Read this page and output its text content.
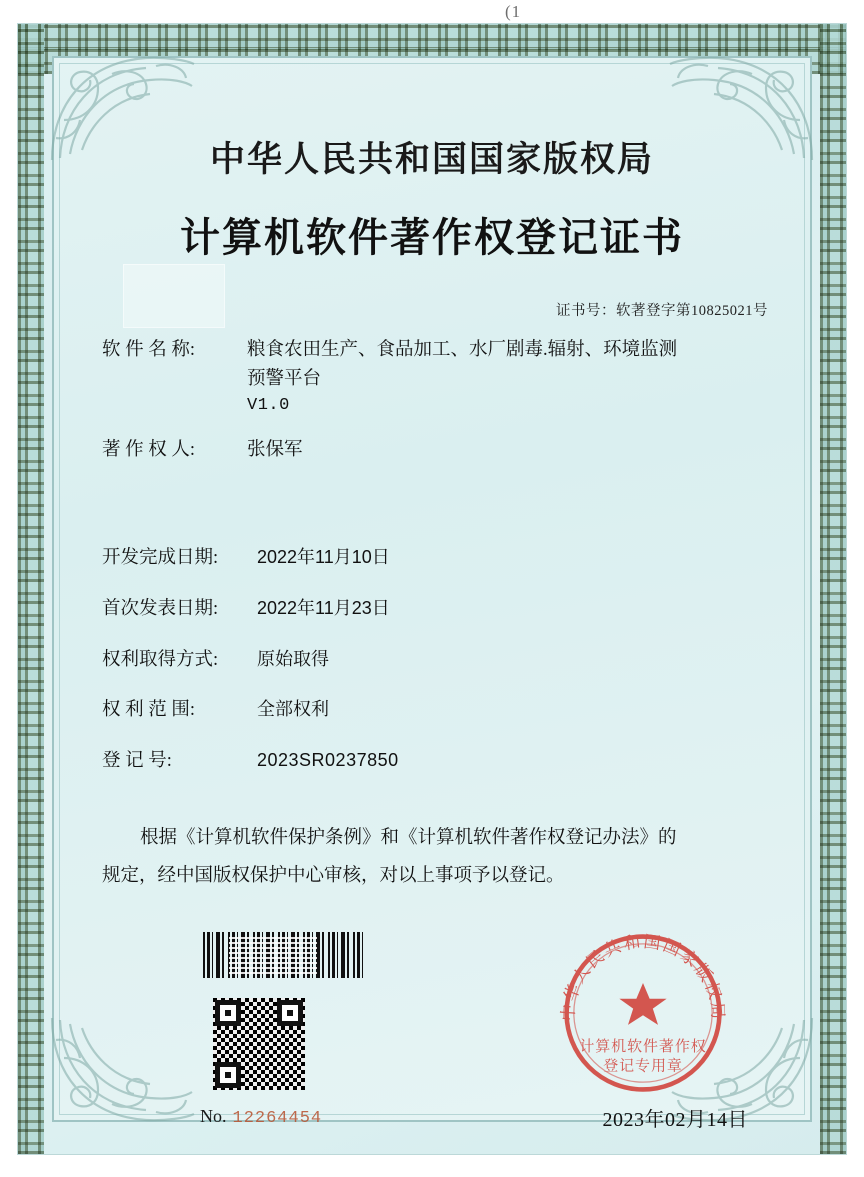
(1
中华人民共和国国家版权局
计算机软件著作权登记证书
证书号：软著登字第10825021号
软 件 名 称:	粮食农田生产、食品加工、水厂剧毒.辐射、环境监测
预警平台
V1.0
著 作 权 人:	张保军
开发完成日期:	2022年11月10日
首次发表日期:	2022年11月23日
权利取得方式:	原始取得
权 利 范 围:	全部权利
登 记 号:	2023SR0237850
根据《计算机软件保护条例》和《计算机软件著作权登记办法》的
规定，经中国版权保护中心审核，对以上事项予以登记。
No. 12264454	2023年02月14日
中华人民共和国国家版权局
计算机软件著作权
登记专用章
